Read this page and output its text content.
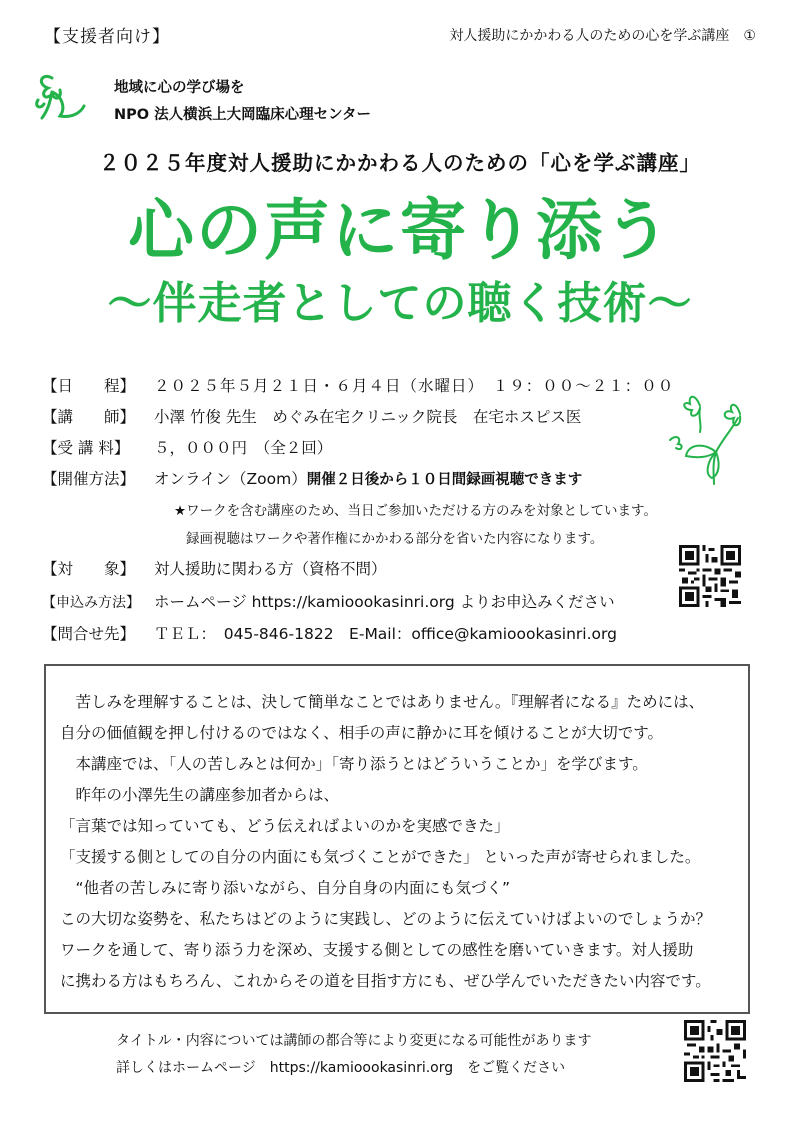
【支援者向け】	対人援助にかかわる人のための心を学ぶ講座　①
地域に心の学び場を
NPO 法人横浜上大岡臨床心理センター
２０２５年度対人援助にかかわる人のための「心を学ぶ講座」
心の声に寄り添う
～伴走者としての聴く技術～
【日　　程】 ２０２５年５月２１日・６月４日（水曜日）　１９：００～２１：００
【講　　師】 小澤 竹俊 先生　めぐみ在宅クリニック院長　在宅ホスピス医
【受 講 料】 ５，０００円　（全２回）
【開催方法】 オンライン（Zoom）開催２日後から１０日間録画視聴できます
★ワークを含む講座のため、当日ご参加いただける方のみを対象としています。
録画視聴はワークや著作権にかかわる部分を省いた内容になります。
【対　　象】 対人援助に関わる方（資格不問）
【申込み方法】 ホームページ https://kamioookasinri.org よりお申込みください
【問合せ先】 ＴＥＬ：　045-846-1822　E-Mail：office@kamioookasinri.org
　苦しみを理解することは、決して簡単なことではありません。『理解者になる』ためには、
自分の価値観を押し付けるのではなく、相手の声に静かに耳を傾けることが大切です。
　本講座では、「人の苦しみとは何か」「寄り添うとはどういうことか」を学びます。
　昨年の小澤先生の講座参加者からは、
「言葉では知っていても、どう伝えればよいのかを実感できた」
「支援する側としての自分の内面にも気づくことができた」 といった声が寄せられました。
　“他者の苦しみに寄り添いながら、自分自身の内面にも気づく”
この大切な姿勢を、私たちはどのように実践し、どのように伝えていけばよいのでしょうか？
ワークを通して、寄り添う力を深め、支援する側としての感性を磨いていきます。対人援助
に携わる方はもちろん、これからその道を目指す方にも、ぜひ学んでいただきたい内容です。
タイトル・内容については講師の都合等により変更になる可能性があります
詳しくはホームページ　https://kamioookasinri.org　をご覧ください
